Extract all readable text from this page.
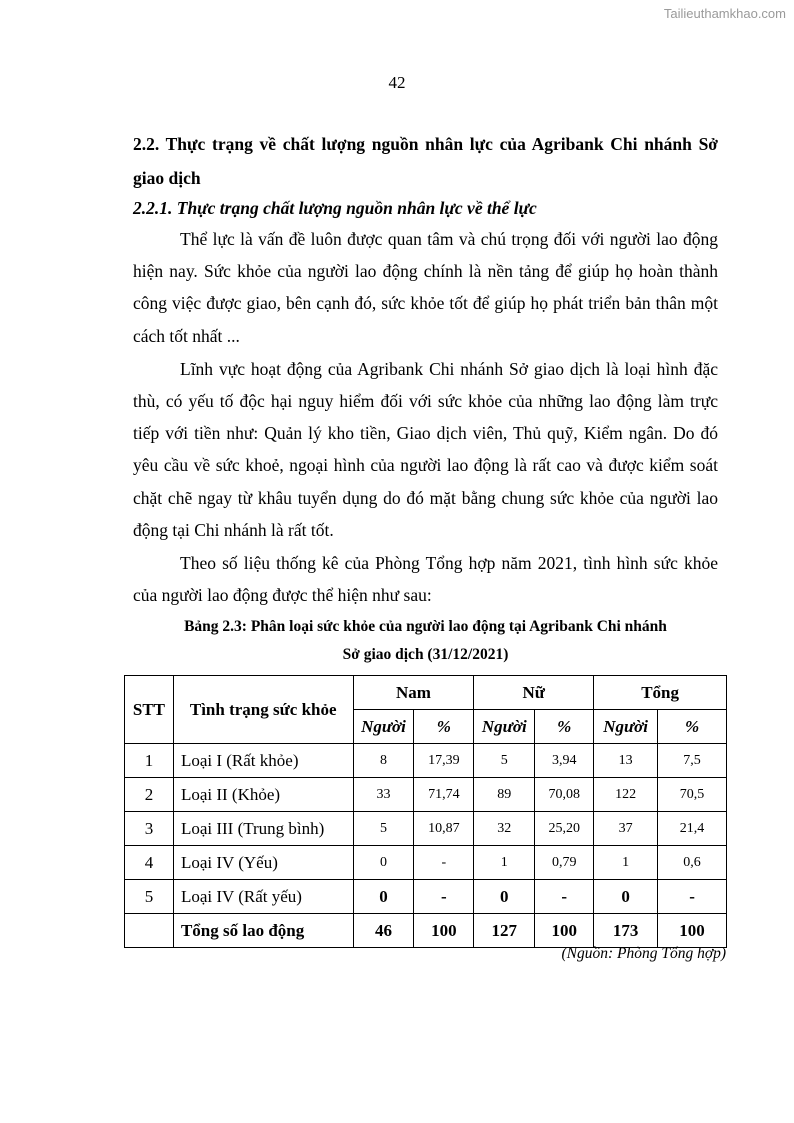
Tailieuthamkhao.com
42
2.2. Thực trạng về chất lượng nguồn nhân lực của Agribank Chi nhánh Sở giao dịch
2.2.1. Thực trạng chất lượng nguồn nhân lực về thể lực

Thể lực là vấn đề luôn được quan tâm và chú trọng đối với người lao động hiện nay. Sức khỏe của người lao động chính là nền tảng để giúp họ hoàn thành công việc được giao, bên cạnh đó, sức khỏe tốt để giúp họ phát triển bản thân một cách tốt nhất ...

Lĩnh vực hoạt động của Agribank Chi nhánh Sở giao dịch là loại hình đặc thù, có yếu tố độc hại nguy hiểm đối với sức khỏe của những lao động làm trực tiếp với tiền như: Quản lý kho tiền, Giao dịch viên, Thủ quỹ, Kiểm ngân. Do đó yêu cầu về sức khoẻ, ngoại hình của người lao động là rất cao và được kiểm soát chặt chẽ ngay từ khâu tuyển dụng do đó mặt bằng chung sức khỏe của người lao động tại Chi nhánh là rất tốt.

Theo số liệu thống kê của Phòng Tổng hợp năm 2021, tình hình sức khỏe của người lao động được thể hiện như sau:

Bảng 2.3: Phân loại sức khỏe của người lao động tại Agribank Chi nhánh
Sở giao dịch (31/12/2021)
STT	Tình trạng sức khỏe	Nam		Nữ		Tổng	
		Người	%	Người	%	Người	%
1	Loại I (Rất khỏe)	8	17,39	5	3,94	13	7,5
2	Loại II (Khỏe)	33	71,74	89	70,08	122	70,5
3	Loại III (Trung bình)	5	10,87	32	25,20	37	21,4
4	Loại IV (Yếu)	0	-	1	0,79	1	0,6
5	Loại IV (Rất yếu)	0	-	0	-	0	-
	Tổng số lao động	46	100	127	100	173	100
(Nguồn: Phòng Tổng hợp)
